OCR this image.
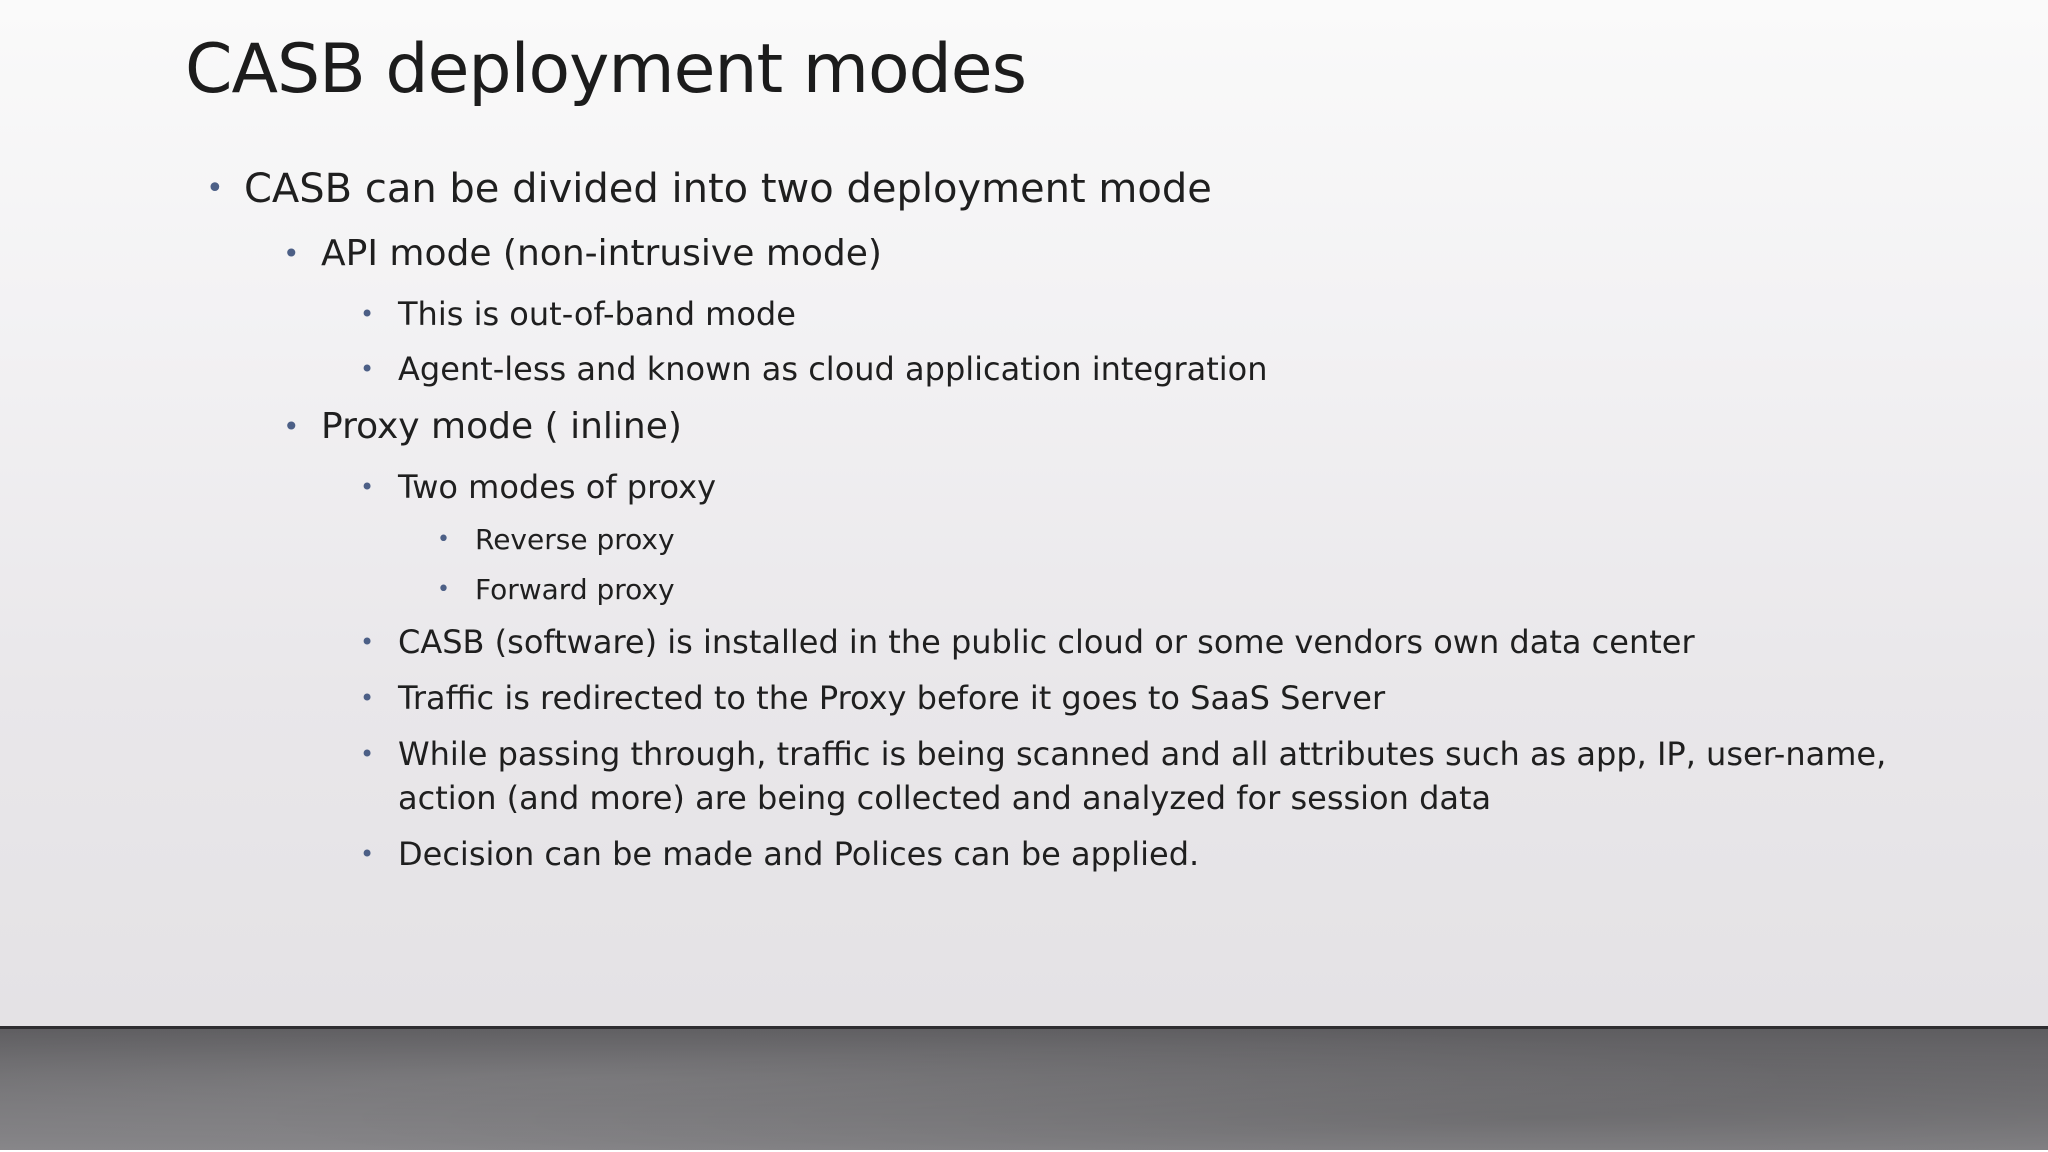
CASB deployment modes
• CASB can be divided into two deployment mode
• API mode (non-intrusive mode)
• This is out-of-band mode
• Agent-less and known as cloud application integration
• Proxy mode ( inline)
• Two modes of proxy
• Reverse proxy
• Forward proxy
• CASB (software) is installed in the public cloud or some vendors own data center
• Traffic is redirected to the Proxy before it goes to SaaS Server
• While passing through, traffic is being scanned and all attributes such as app, IP, user-name,
action (and more) are being collected and analyzed for session data
• Decision can be made and Polices can be applied.
